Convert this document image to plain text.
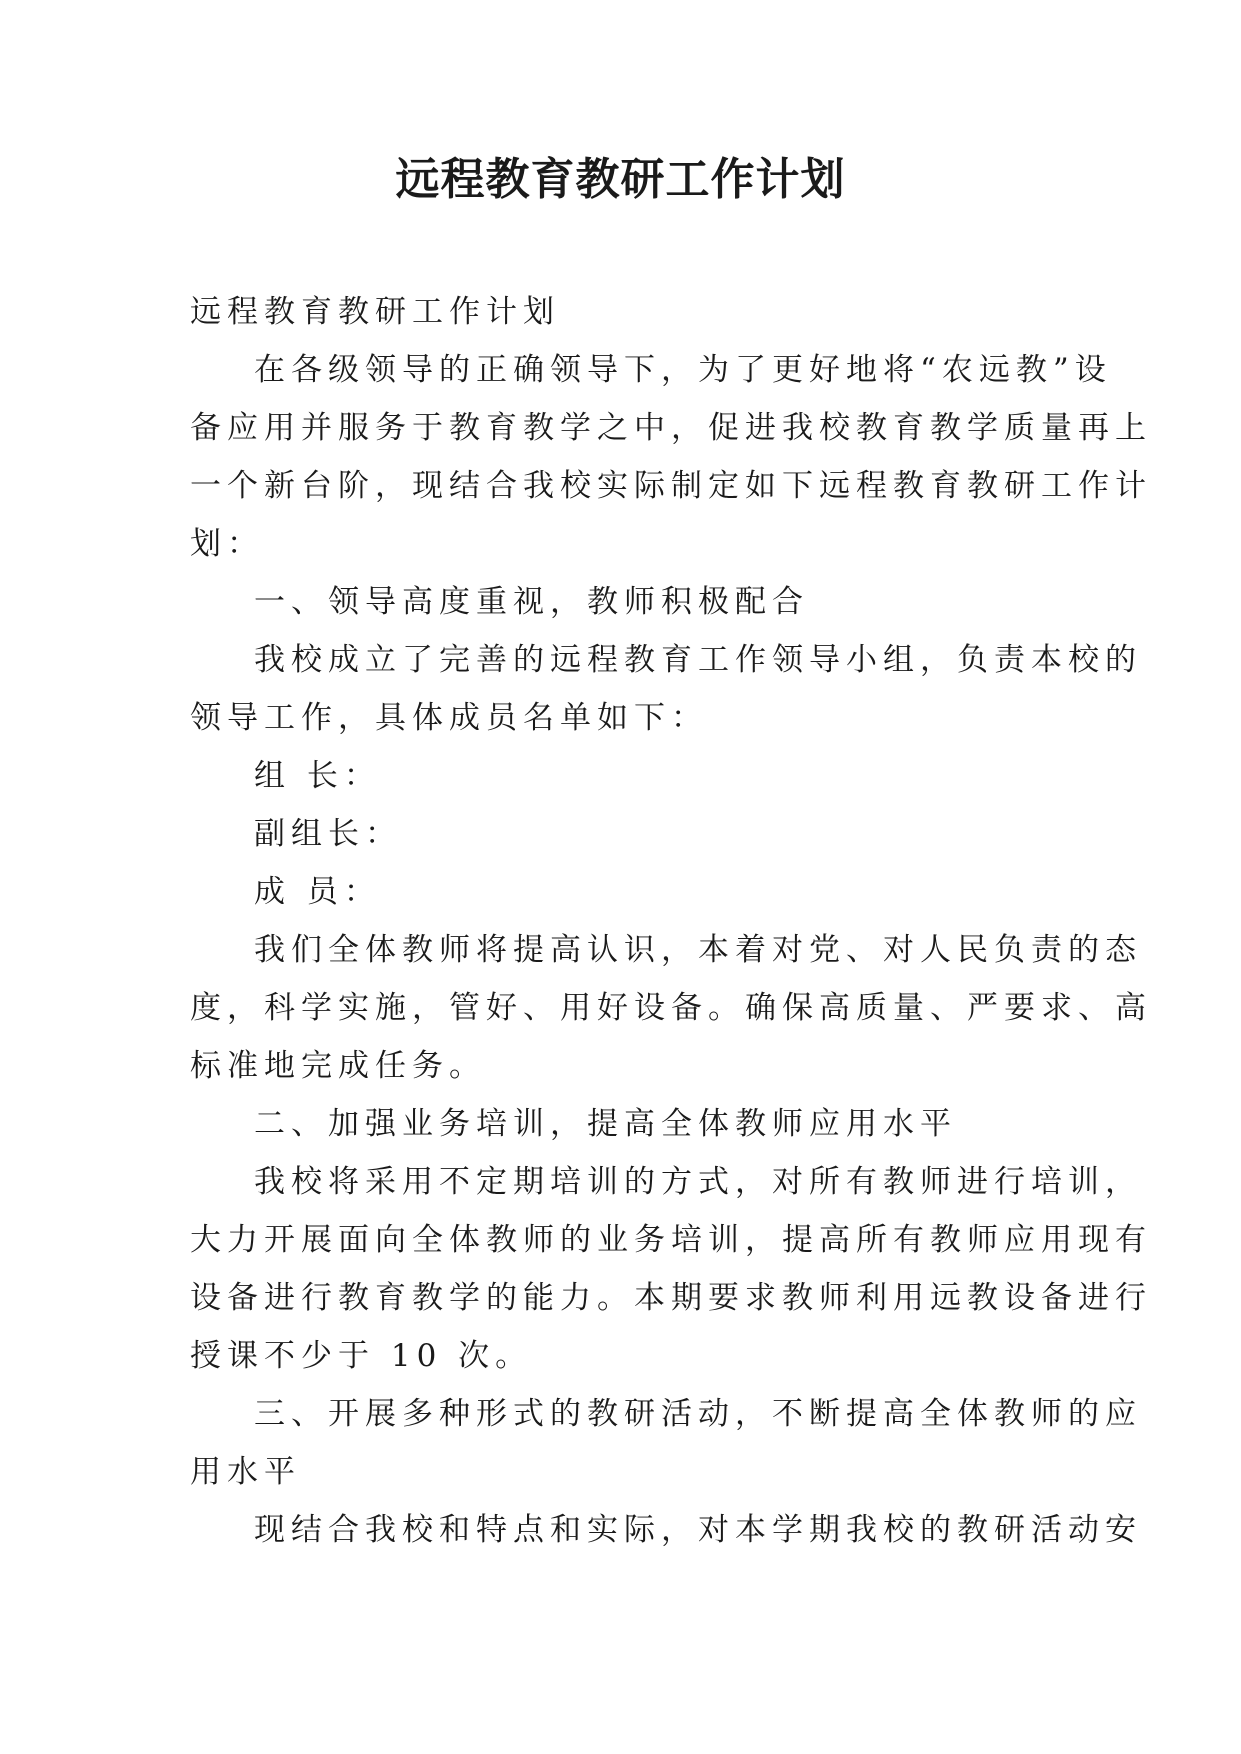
远程教育教研工作计划
远程教育教研工作计划
在各级领导的正确领导下，为了更好地将“农远教”设
备应用并服务于教育教学之中，促进我校教育教学质量再上
一个新台阶，现结合我校实际制定如下远程教育教研工作计
划：
一、领导高度重视，教师积极配合
我校成立了完善的远程教育工作领导小组，负责本校的
领导工作，具体成员名单如下：
组 长：
副组长：
成 员：
我们全体教师将提高认识，本着对党、对人民负责的态
度，科学实施，管好、用好设备。确保高质量、严要求、高
标准地完成任务。
二、加强业务培训，提高全体教师应用水平
我校将采用不定期培训的方式，对所有教师进行培训，
大力开展面向全体教师的业务培训，提高所有教师应用现有
设备进行教育教学的能力。本期要求教师利用远教设备进行
授课不少于 10 次。
三、开展多种形式的教研活动，不断提高全体教师的应
用水平
现结合我校和特点和实际，对本学期我校的教研活动安
